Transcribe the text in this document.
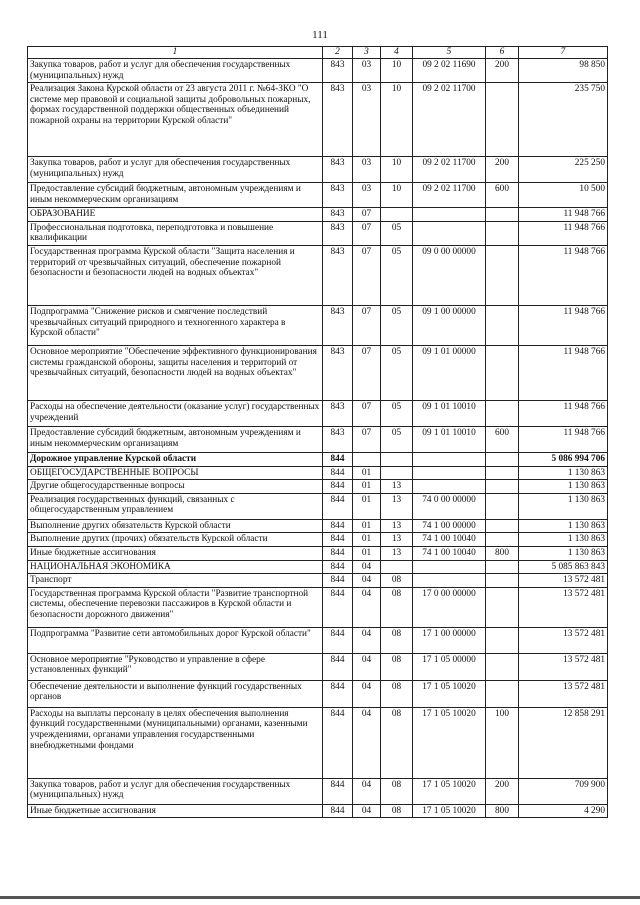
111
1	2	3	4	5	6	7
Закупка товаров, работ и услуг для обеспечения государственных (муниципальных) нужд	843	03	10	09 2 02 11690	200	98 850
Реализация Закона Курской области от 23 августа 2011 г. №64-ЗКО "О системе мер правовой и социальной защиты добровольных пожарных, формах государственной поддержки общественных объединений пожарной охраны на территории Курской области"	843	03	10	09 2 02 11700		235 750
Закупка товаров, работ и услуг для обеспечения государственных (муниципальных) нужд	843	03	10	09 2 02 11700	200	225 250
Предоставление субсидий бюджетным, автономным учреждениям и иным некоммерческим организациям	843	03	10	09 2 02 11700	600	10 500
ОБРАЗОВАНИЕ	843	07				11 948 766
Профессиональная подготовка, переподготовка и повышение квалификации	843	07	05			11 948 766
Государственная программа Курской области "Защита населения и территорий от чрезвычайных ситуаций, обеспечение пожарной безопасности и безопасности людей на водных объектах"	843	07	05	09 0 00 00000		11 948 766
Подпрограмма "Снижение рисков и смягчение последствий чрезвычайных ситуаций природного и техногенного характера в Курской области"	843	07	05	09 1 00 00000		11 948 766
Основное мероприятие "Обеспечение эффективного функционирования системы гражданской обороны, защиты населения и территорий от чрезвычайных ситуаций, безопасности людей на водных объектах"	843	07	05	09 1 01 00000		11 948 766
Расходы на обеспечение деятельности (оказание услуг) государственных учреждений	843	07	05	09 1 01 10010		11 948 766
Предоставление субсидий бюджетным, автономным учреждениям и иным некоммерческим организациям	843	07	05	09 1 01 10010	600	11 948 766
Дорожное управление Курской области	844					5 086 994 706
ОБЩЕГОСУДАРСТВЕННЫЕ ВОПРОСЫ	844	01				1 130 863
Другие общегосударственные вопросы	844	01	13			1 130 863
Реализация государственных функций, связанных с общегосударственным управлением	844	01	13	74 0 00 00000		1 130 863
Выполнение других обязательств Курской области	844	01	13	74 1 00 00000		1 130 863
Выполнение других (прочих) обязательств Курской области	844	01	13	74 1 00 10040		1 130 863
Иные бюджетные ассигнования	844	01	13	74 1 00 10040	800	1 130 863
НАЦИОНАЛЬНАЯ ЭКОНОМИКА	844	04				5 085 863 843
Транспорт	844	04	08			13 572 481
Государственная программа Курской области "Развитие транспортной системы, обеспечение перевозки пассажиров в Курской области и безопасности дорожного движения"	844	04	08	17 0 00 00000		13 572 481
Подпрограмма "Развитие сети автомобильных дорог Курской области"	844	04	08	17 1 00 00000		13 572 481
Основное мероприятие "Руководство и управление в сфере установленных функций"	844	04	08	17 1 05 00000		13 572 481
Обеспечение деятельности и выполнение функций государственных органов	844	04	08	17 1 05 10020		13 572 481
Расходы на выплаты персоналу в целях обеспечения выполнения функций государственными (муниципальными) органами, казенными учреждениями, органами управления государственными внебюджетными фондами	844	04	08	17 1 05 10020	100	12 858 291
Закупка товаров, работ и услуг для обеспечения государственных (муниципальных) нужд	844	04	08	17 1 05 10020	200	709 900
Иные бюджетные ассигнования	844	04	08	17 1 05 10020	800	4 290
